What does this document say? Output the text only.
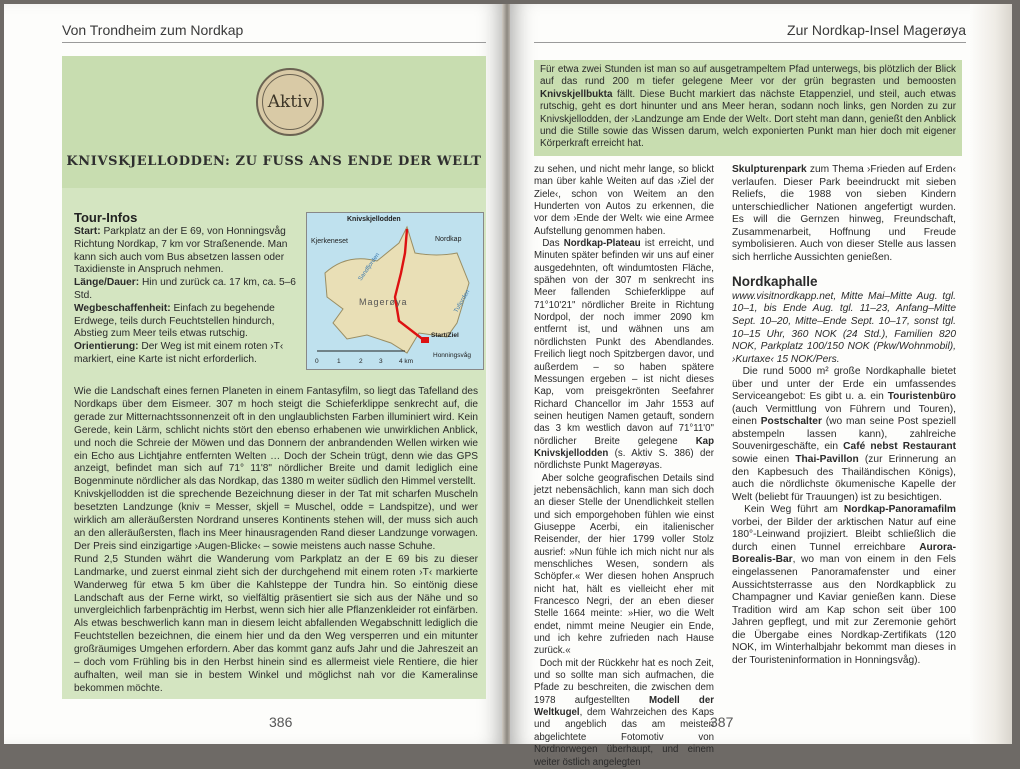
Von Trondheim zum Nordkap
Aktiv
KNIVSKJELLODDEN: ZU FUSS ANS ENDE DER WELT
Tour-Infos
Start: Parkplatz an der E 69, von Honningsvåg Richtung Nordkap, 7 km vor Straßenende. Man kann sich auch vom Bus absetzen lassen oder Taxidienste in Anspruch nehmen.
Länge/Dauer: Hin und zurück ca. 17 km, ca. 5–6 Std.
Wegbeschaffenheit: Einfach zu begehende Erdwege, teils durch Feuchtstellen hindurch, Abstieg zum Meer teils etwas rutschig.
Orientierung: Der Weg ist mit einem roten ›T‹ markiert, eine Karte ist nicht erforderlich.
Knivskjellodden
Kjerkeneset	Nordkap
Magerøya
Sandfjorden
Tufjorden
Start/Ziel
Honningsvåg
0	1	2	3	4 km
Wie die Landschaft eines fernen Planeten in einem Fantasyfilm, so liegt das Tafelland des Nordkaps über dem Eismeer. 307 m hoch steigt die Schieferklippe senkrecht auf, die gerade zur Mitternachtssonnenzeit oft in den unglaublichsten Farben illuminiert wird. Kein Gerede, kein Lärm, schlicht nichts stört den ebenso erhabenen wie unwirklichen Anblick, und noch die Schreie der Möwen und das Donnern der anbrandenden Wellen wirken wie ein Echo aus Lichtjahre entfernten Welten … Doch der Schein trügt, denn wie das GPS anzeigt, befindet man sich auf 71° 11'8" nördlicher Breite und damit lediglich eine Bogenminute nördlicher als das Nordkap, das 1380 m weiter südlich den Himmel verstellt.
Knivskjellodden ist die sprechende Bezeichnung dieser in der Tat mit scharfen Muscheln besetzten Landzunge (kniv = Messer, skjell = Muschel, odde = Landspitze), und wer wirklich am alleräußersten Nordrand unseres Kontinents stehen will, der muss sich auch an den alleräußersten, flach ins Meer hinausragenden Rand dieser Landzunge vorwagen. Der Preis sind einzigartige ›Augen-Blicke‹ – sowie meistens auch nasse Schuhe.
Rund 2,5 Stunden währt die Wanderung vom Parkplatz an der E 69 bis zu dieser Landmarke, und zuerst einmal zieht sich der durchgehend mit einem roten ›T‹ markierte Wanderweg für etwa 5 km über die Kahlsteppe der Tundra hin. So eintönig diese Landschaft aus der Ferne wirkt, so vielfältig präsentiert sie sich aus der Nähe und so unvergleichlich farbenprächtig im Herbst, wenn sich hier alle Pflanzenkleider rot einfärben. Als etwas beschwerlich kann man in diesem leicht abfallenden Wegabschnitt lediglich die Feuchtstellen bezeichnen, die einem hier und da den Weg versperren und ein mitunter großräumiges Umgehen erfordern. Aber das kommt ganz aufs Jahr und die Jahreszeit an – doch vom Frühling bis in den Herbst hinein sind es allermeist viele Rentiere, die hier aufhalten, weil man sie in bestem Winkel und möglichst nah vor die Kameralinse bekommen möchte.
386
Zur Nordkap-Insel Magerøya
Für etwa zwei Stunden ist man so auf ausgetrampeltem Pfad unterwegs, bis plötzlich der Blick auf das rund 200 m tiefer gelegene Meer vor der grün begrasten und bemoosten Knivskjellbukta fällt. Diese Bucht markiert das nächste Etappenziel, und steil, auch etwas rutschig, geht es dort hinunter und ans Meer heran, sodann noch links, gen Norden zu zur Knivskjellodden, der ›Landzunge am Ende der Welt‹. Dort steht man dann, genießt den Anblick und die Stille sowie das Wissen darum, welch exponierten Punkt man hier doch mit eigener Körperkraft erreicht hat.

zu sehen, und nicht mehr lange, so blickt man über kahle Weiten auf das ›Ziel der Ziele‹, schon von Weitem an den Hunderten von Autos zu erkennen, die vor dem ›Ende der Welt‹ wie eine Armee Aufstellung genommen haben.

Das Nordkap-Plateau ist erreicht, und Minuten später befinden wir uns auf einer ausgedehnten, oft windumtosten Fläche, spähen von der 307 m senkrecht ins Meer fallenden Schieferklippe auf 71°10'21" nördlicher Breite in Richtung Nordpol, der noch immer 2090 km entfernt ist, und wähnen uns am nördlichsten Punkt des Abendlandes. Freilich liegt noch Spitzbergen davor, und außerdem – so haben spätere Messungen ergeben – ist nicht dieses Kap, vom preisgekrönten Seefahrer Richard Chancellor im Jahr 1553 auf seinen heutigen Namen getauft, sondern das 3 km westlich davon auf 71°11'0" nördlicher Breite gelegene Kap Knivskjellodden (s. Aktiv S. 386) der nördlichste Punkt Magerøyas.

Aber solche geografischen Details sind jetzt nebensächlich, kann man sich doch an dieser Stelle der Unendlichkeit stellen und sich emporgehoben fühlen wie einst Giuseppe Acerbi, ein italienischer Reisender, der hier 1799 voller Stolz ausrief: »Nun fühle ich mich nicht nur als menschliches Wesen, sondern als Schöpfer.« Wer diesen hohen Anspruch nicht hat, hält es vielleicht eher mit Francesco Negri, der an eben dieser Stelle 1664 meinte: »Hier, wo die Welt endet, nimmt meine Neugier ein Ende, und ich kehre zufrieden nach Hause zurück.«

Doch mit der Rückkehr hat es noch Zeit, und so sollte man sich aufmachen, die Pfade zu beschreiten, die zwischen dem 1978 aufgestellten Modell der Weltkugel, dem Wahrzeichen des Kaps und angeblich das am meisten abgelichtete Fotomotiv von Nordnorwegen überhaupt, und einem weiter östlich angelegten

Skulpturenpark zum Thema ›Frieden auf Erden‹ verlaufen. Dieser Park beeindruckt mit sieben Reliefs, die 1988 von sieben Kindern unterschiedlicher Nationen angefertigt wurden. Es will die Gernzen hinweg, Freundschaft, Zusammenarbeit, Hoffnung und Freude symbolisieren. Auch von dieser Stelle aus lassen sich herrliche Aussichten genießen.

Nordkaphalle

www.visitnordkapp.net, Mitte Mai–Mitte Aug. tgl. 10–1, bis Ende Aug. tgl. 11–23, Anfang–Mitte Sept. 10–20, Mitte–Ende Sept. 10–17, sonst tgl. 10–15 Uhr, 360 NOK (24 Std.), Familien 820 NOK, Parkplatz 100/150 NOK (Pkw/Wohnmobil), ›Kurtaxe‹ 15 NOK/Pers.

Die rund 5000 m² große Nordkaphalle bietet über und unter der Erde ein umfassendes Serviceangebot: Es gibt u. a. ein Touristenbüro (auch Vermittlung von Führern und Touren), einen Postschalter (wo man seine Post speziell abstempeln lassen kann), zahlreiche Souvenirgeschäfte, ein Café nebst Restaurant sowie einen Thai-Pavillon (zur Erinnerung an den Kapbesuch des Thailändischen Königs), auch die nördlichste ökumenische Kapelle der Welt (beliebt für Trauungen) ist zu besichtigen.

Kein Weg führt am Nordkap-Panoramafilm vorbei, der Bilder der arktischen Natur auf eine 180°-Leinwand projiziert. Bleibt schließlich die durch einen Tunnel erreichbare Aurora-Borealis-Bar, wo man von einem in den Fels eingelassenen Panoramafenster und einer Aussichtsterrasse aus den Nordkapblick zu Champagner und Kaviar genießen kann. Diese Tradition wird am Kap schon seit über 100 Jahren gepflegt, und mit zur Zeremonie gehört die Übergabe eines Nordkap-Zertifikats (120 NOK, im Winterhalbjahr bekommt man dieses in der Touristeninformation in Honningsvåg).

387
